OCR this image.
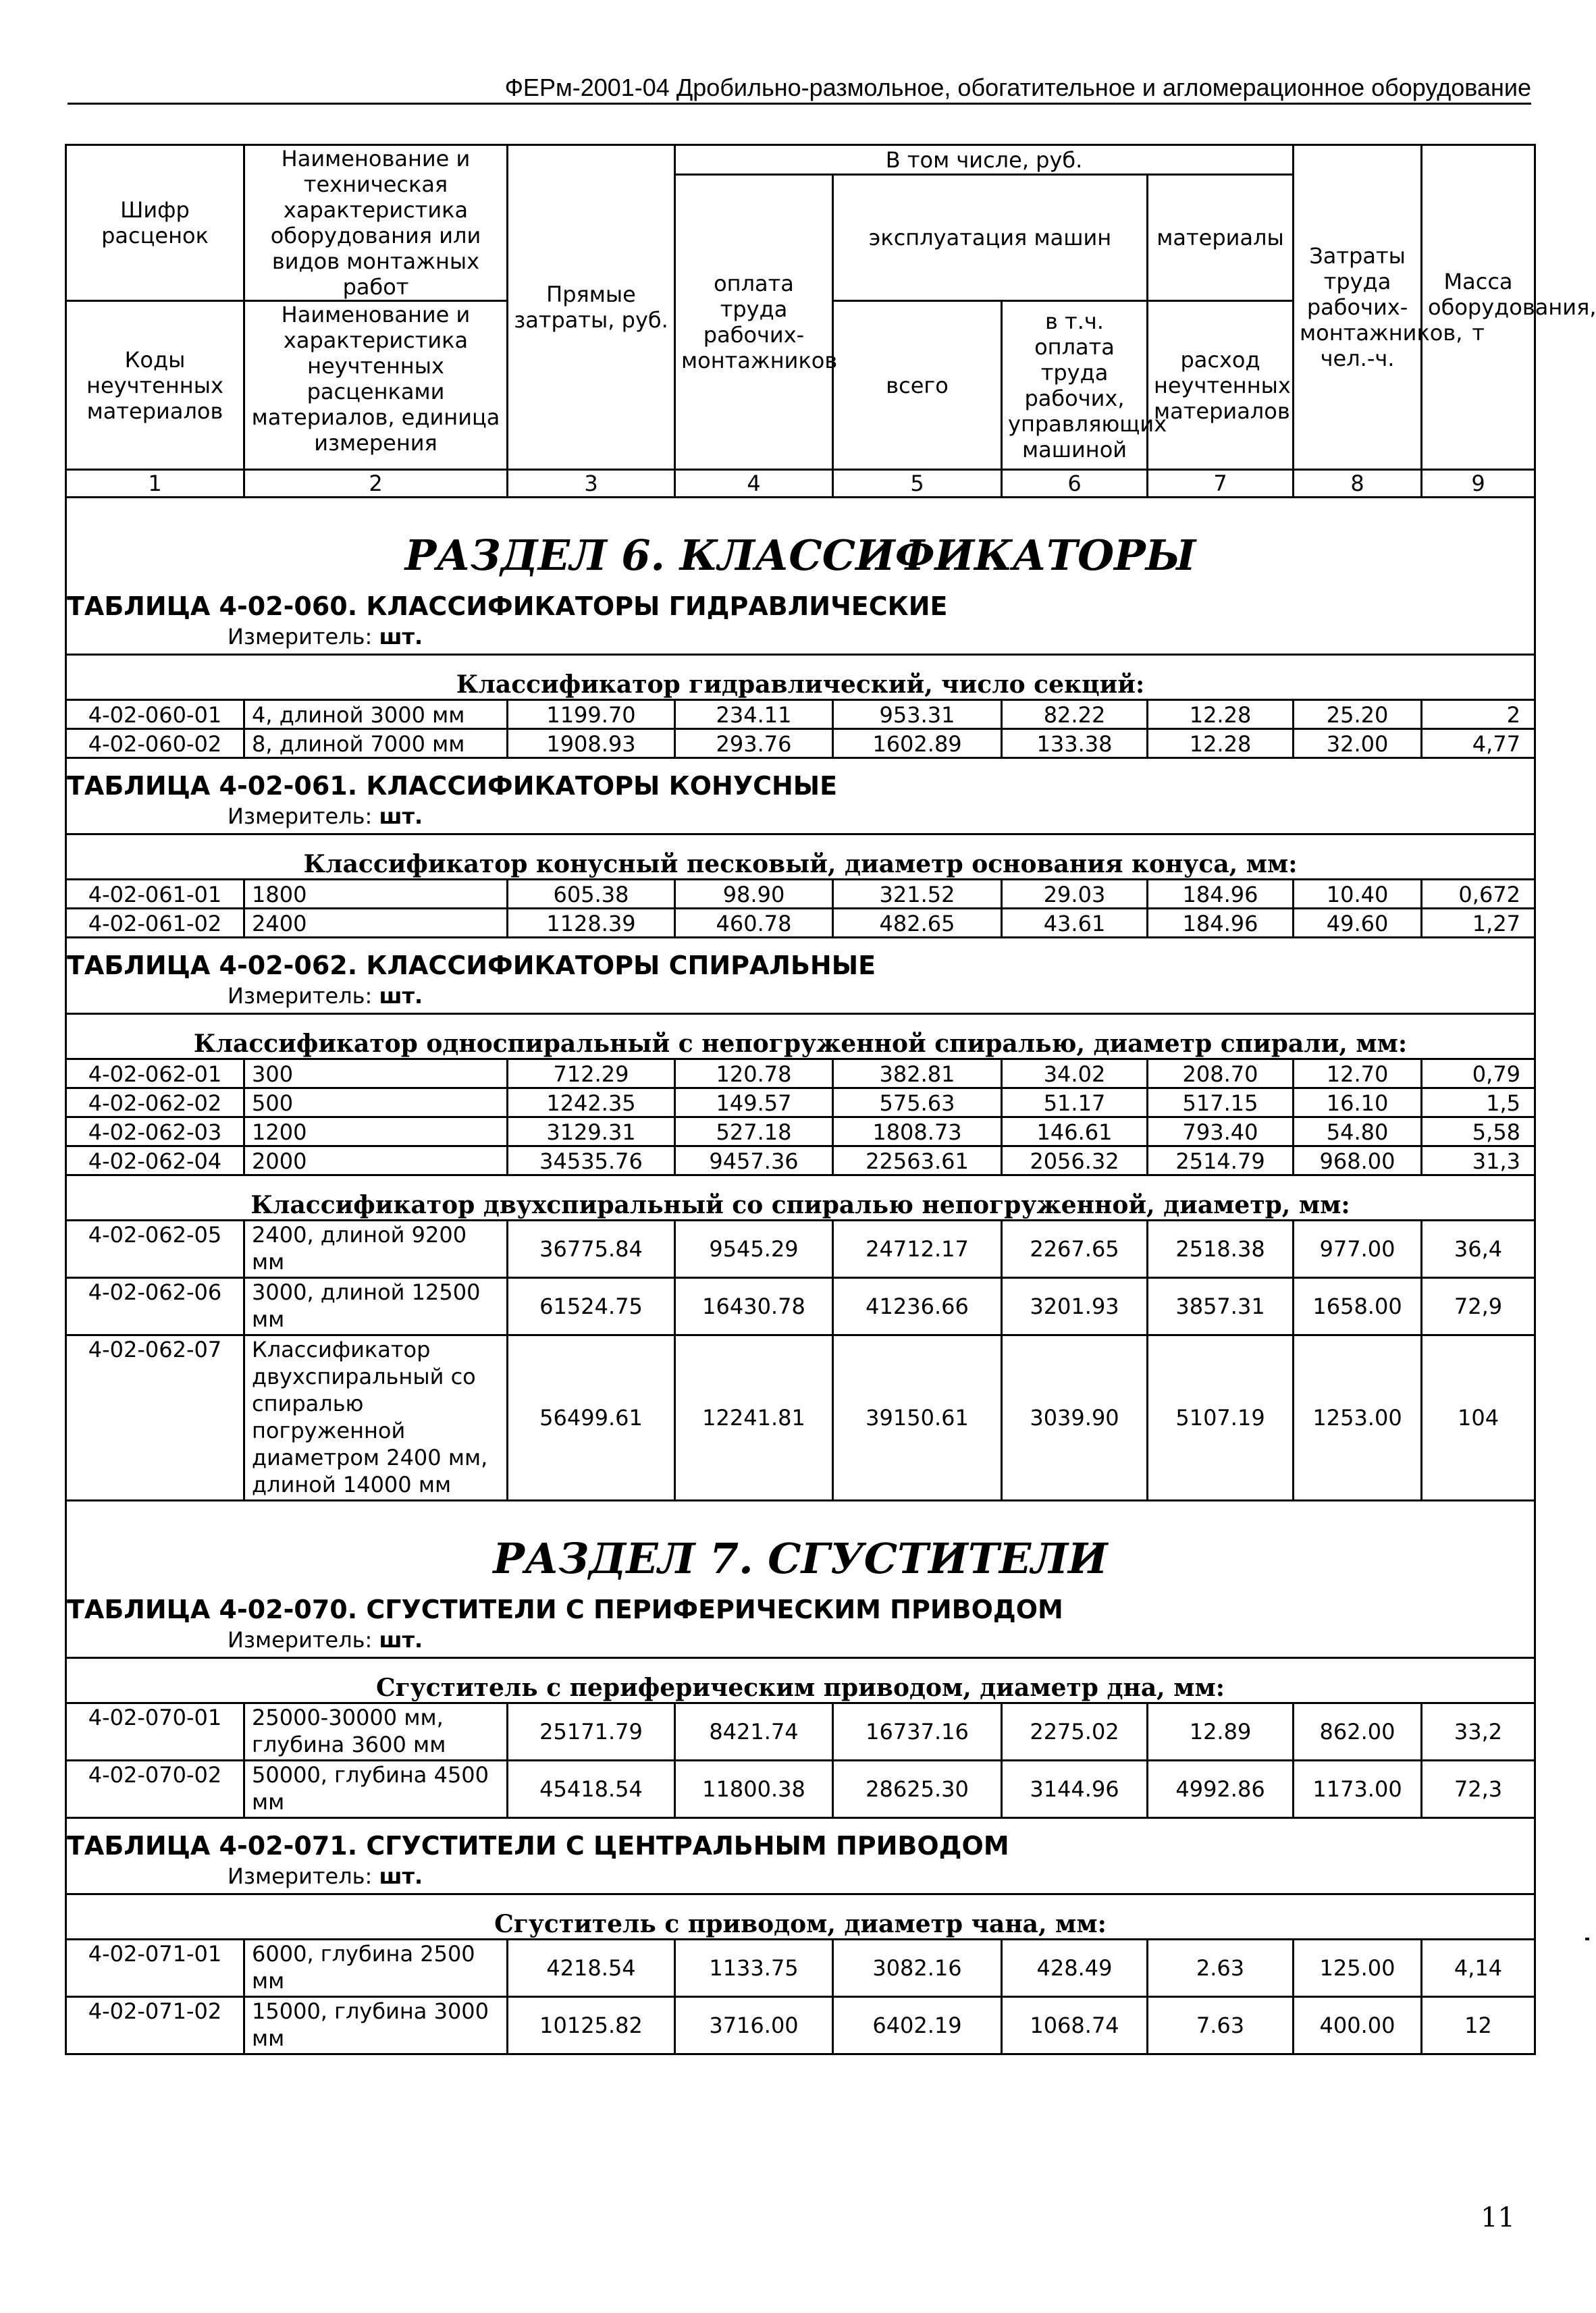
ФЕРм-2001-04 Дробильно-размольное, обогатительное и агломерационное оборудование
Шифр расценок	Наименование и техническая характеристика оборудования или видов монтажных работ	Прямые затраты, руб.	В том числе, руб.				Затраты труда рабочих-монтажников, чел.-ч.	Масса оборудования, т
			оплата труда рабочих-монтажников	эксплуатация машин		материалы		
Коды неучтенных материалов	Наименование и характеристика неучтенных расценками материалов, единица измерения			всего	в т.ч. оплата труда рабочих, управляющих машиной	расход неучтенных материалов		
1	2	3	4	5	6	7	8	9

РАЗДЕЛ 6. КЛАССИФИКАТОРЫ
ТАБЛИЦА 4-02-060. КЛАССИФИКАТОРЫ ГИДРАВЛИЧЕСКИЕ
Измеритель: шт.								

Классификатор гидравлический, число секций:								

4-02-060-01	4, длиной 3000 мм	1199.70	234.11	953.31	82.22	12.28	25.20	2
4-02-060-02	8, длиной 7000 мм	1908.93	293.76	1602.89	133.38	12.28	32.00	4,77

ТАБЛИЦА 4-02-061. КЛАССИФИКАТОРЫ КОНУСНЫЕ
Измеритель: шт.								

Классификатор конусный песковый, диаметр основания конуса, мм:								

4-02-061-01	1800	605.38	98.90	321.52	29.03	184.96	10.40	0,672
4-02-061-02	2400	1128.39	460.78	482.65	43.61	184.96	49.60	1,27

ТАБЛИЦА 4-02-062. КЛАССИФИКАТОРЫ СПИРАЛЬНЫЕ
Измеритель: шт.								

Классификатор односпиральный с непогруженной спиралью, диаметр спирали, мм:								

4-02-062-01	300	712.29	120.78	382.81	34.02	208.70	12.70	0,79
4-02-062-02	500	1242.35	149.57	575.63	51.17	517.15	16.10	1,5
4-02-062-03	1200	3129.31	527.18	1808.73	146.61	793.40	54.80	5,58
4-02-062-04	2000	34535.76	9457.36	22563.61	2056.32	2514.79	968.00	31,3

Классификатор двухспиральный со спиралью непогруженной, диаметр, мм:								

4-02-062-05	2400, длиной 9200 мм	36775.84	9545.29	24712.17	2267.65	2518.38	977.00	36,4
4-02-062-06	3000, длиной 12500 мм	61524.75	16430.78	41236.66	3201.93	3857.31	1658.00	72,9
4-02-062-07	Классификатор двухспиральный со спиралью погруженной диаметром 2400 мм, длиной 14000 мм	56499.61	12241.81	39150.61	3039.90	5107.19	1253.00	104

РАЗДЕЛ 7. СГУСТИТЕЛИ
ТАБЛИЦА 4-02-070. СГУСТИТЕЛИ С ПЕРИФЕРИЧЕСКИМ ПРИВОДОМ
Измеритель: шт.								

Сгуститель с периферическим приводом, диаметр дна, мм:								

4-02-070-01	25000-30000 мм, глубина 3600 мм	25171.79	8421.74	16737.16	2275.02	12.89	862.00	33,2
4-02-070-02	50000, глубина 4500 мм	45418.54	11800.38	28625.30	3144.96	4992.86	1173.00	72,3

ТАБЛИЦА 4-02-071. СГУСТИТЕЛИ С ЦЕНТРАЛЬНЫМ ПРИВОДОМ
Измеритель: шт.								

Сгуститель с приводом, диаметр чана, мм:								

4-02-071-01	6000, глубина 2500 мм	4218.54	1133.75	3082.16	428.49	2.63	125.00	4,14
4-02-071-02	15000, глубина 3000 мм	10125.82	3716.00	6402.19	1068.74	7.63	400.00	12
11
